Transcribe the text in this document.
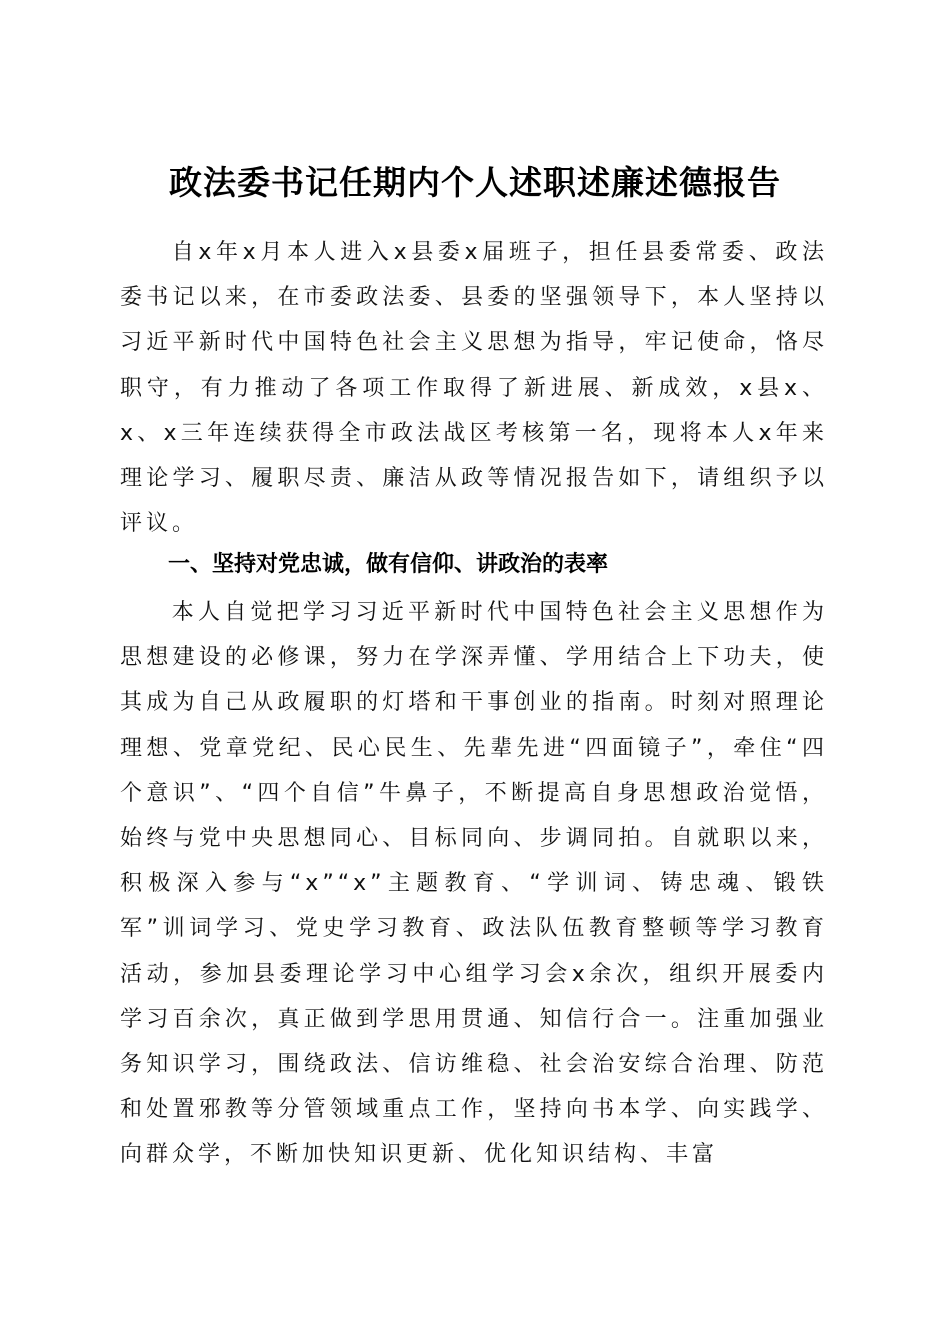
政法委书记任期内个人述职述廉述德报告

自x年x月本人进入x县委x届班子，担任县委常委、政法委书记以来，在市委政法委、县委的坚强领导下，本人坚持以习近平新时代中国特色社会主义思想为指导，牢记使命，恪尽职守，有力推动了各项工作取得了新进展、新成效，x县x、x、x三年连续获得全市政法战区考核第一名，现将本人x年来理论学习、履职尽责、廉洁从政等情况报告如下，请组织予以评议。

一、坚持对党忠诚，做有信仰、讲政治的表率

本人自觉把学习习近平新时代中国特色社会主义思想作为思想建设的必修课，努力在学深弄懂、学用结合上下功夫，使其成为自己从政履职的灯塔和干事创业的指南。时刻对照理论理想、党章党纪、民心民生、先辈先进“四面镜子”，牵住“四个意识”、“四个自信”牛鼻子，不断提高自身思想政治觉悟，始终与党中央思想同心、目标同向、步调同拍。自就职以来，积极深入参与“x”“x”主题教育、“学训词、铸忠魂、锻铁军”训词学习、党史学习教育、政法队伍教育整顿等学习教育活动，参加县委理论学习中心组学习会x余次，组织开展委内学习百余次，真正做到学思用贯通、知信行合一。注重加强业务知识学习，围绕政法、信访维稳、社会治安综合治理、防范和处置邪教等分管领域重点工作，坚持向书本学、向实践学、向群众学，不断加快知识更新、优化知识结构、丰富
